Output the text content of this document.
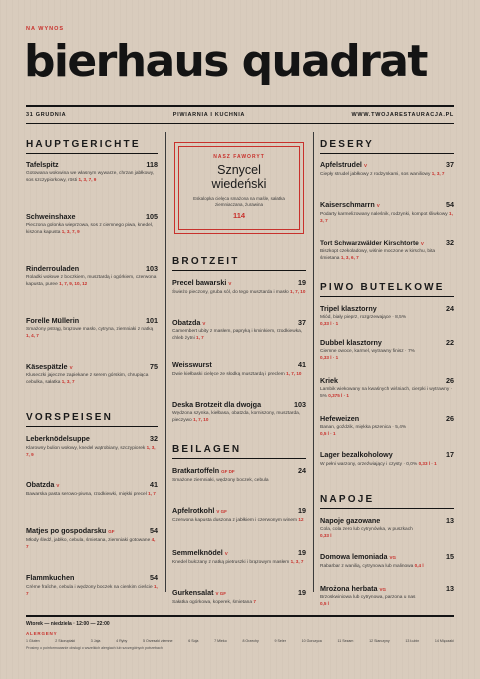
NA WYNOS
bierhaus quadrat
31 GRUDNIA	PIWIARNIA I KUCHNIA	WWW.TWOJARESTAURACJA.PL
HAUPTGERICHTE
Tafelspitz	118
Gotowana wołowina we własnym wywarze, chrzan jabłkowy, sos szczypiorkowy, rösti 1, 3, 7, 9
Schweinshaxe	105
Pieczona golonka wieprzowa, sos z ciemnego piwa, knedel, kiszona kapusta 1, 3, 7, 9
Rinderrouladen	103
Roladki wołowe z boczkiem, musztardą i ogórkiem, czerwona kapusta, puree 1, 7, 9, 10, 12
Forelle Müllerin	101
Smażony pstrąg, brązowe masło, cytryna, ziemniaki z natką 1, 4, 7
Käsespätzle V	75
Kluseczki jajeczne zapiekane z serem górskim, chrupiąca cebulka, sałatka 1, 3, 7
VORSPEISEN
Leberknödelsuppe	32
Klarowny bulion wołowy, knedel wątrobiany, szczypiorek 1, 3, 7, 9
Obatzda V	41
Bawarska pasta serowo-piwna, rzodkiewki, miękki precel 1, 7
Matjes po gospodarsku GF	54
Młody śledź, jabłko, cebula, śmietana, ziemniaki gotowane 4, 7
Flammkuchen	54
Crème fraîche, cebula i wędzony boczek na cienkim cieście 1, 7
NASZ FAWORYT
Sznycel
wiedeński
Eskalopka cielęca smażona na maśle, sałatka ziemniaczana, żurawina
114
BROTZEIT
Precel bawarski V	19
Świeżo pieczony, gruba sól, do tego musztarda i masło 1, 7, 10
Obatzda V	37
Camembert ubity z masłem, papryką i kminkiem, rzodkiewka, chleb żytni 1, 7
Weisswurst	41
Dwie kiełbaski cielęce ze słodką musztardą i preclem 1, 7, 10
Deska Brotzeit dla dwojga	103
Wędzona szynka, kiełbasa, obatzda, korniszony, musztarda, pieczywo 1, 7, 10
BEILAGEN
Bratkartoffeln GF DF	24
Smażone ziemniaki, wędzony boczek, cebula
Apfelrotkohl V GF	19
Czerwona kapusta duszona z jabłkiem i czerwonym winem 12
Semmelknödel V	19
Knedel bułczany z natką pietruszki i brązowym masłem 1, 3, 7
Gurkensalat V GF	19
Sałatka ogórkowa, koperek, śmietana 7
DESERY
Apfelstrudel V	37
Ciepły strudel jabłkowy z rodzynkami, sos waniliowy 1, 3, 7
Kaiserschmarrn V	54
Podarty karmelizowany naleśnik, rodzynki, kompot śliwkowy 1, 3, 7
Tort Schwarzwälder Kirschtorte V	32
Biszkopt czekoladowy, wiśnie moczone w kirschu, bita śmietana 1, 3, 6, 7
PIWO BUTELKOWE
Tripel klasztorny	24
Miód, biały pieprz, rozgrzewające · 8,5%
0,33 l · 1
Dubbel klasztorny	22
Ciemne owoce, karmel, wytrawny finisz · 7%
0,33 l · 1
Kriek	26
Lambik wiekowany na kwaśnych wiśniach, cierpki i wytrawny · 5% 0,375 l · 1
Hefeweizen	26
Banan, goździk, miękka pszenica · 5,4%
0,5 l · 1
Lager bezalkoholowy	17
W pełni warzony, orzeźwiający i czysty · 0,0% 0,33 l · 1
NAPOJE
Napoje gazowane	13
Cola, cola zero lub cytrynówka, w puszkach
0,33 l
Domowa lemoniada VG	15
Rabarbar z wanilią, cytrynowa lub malinowa 0,4 l
Mrożona herbata VG	13
Brzoskwiniowa lub cytrynowa, parzona u nas
0,5 l
Wtorek — niedziela · 12:00 — 22:00
ALERGENY
1 Gluten	2 Skorupiaki	3 Jaja	4 Ryby	5 Orzeszki ziemne	6 Soja	7 Mleko	8 Orzechy	9 Seler	10 Gorczyca	11 Sezam	12 Siarczyny	13 Łubin	14 Mięczaki
Prosimy o poinformowanie obsługi o wszelkich alergiach lub szczególnych potrzebach
